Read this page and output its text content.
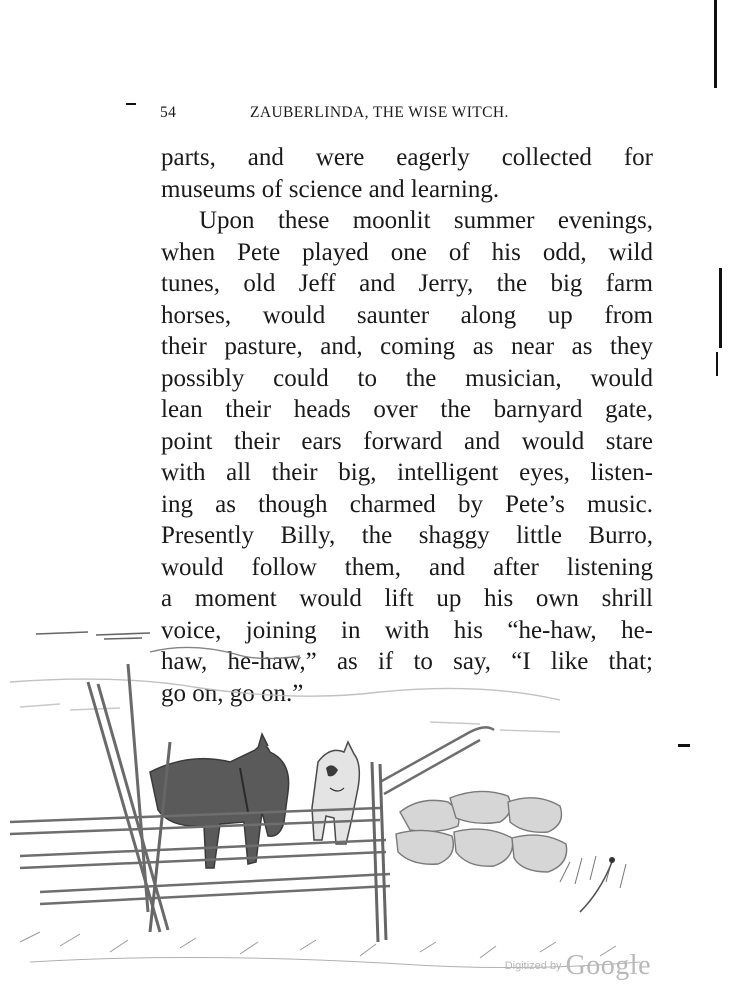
54	ZAUBERLINDA, THE WISE WITCH.
parts, and were eagerly collected for
museums of science and learning.
Upon these moonlit summer evenings,
when Pete played one of his odd, wild
tunes, old Jeff and Jerry, the big farm
horses, would saunter along up from
their pasture, and, coming as near as they
possibly could to the musician, would
lean their heads over the barnyard gate,
point their ears forward and would stare
with all their big, intelligent eyes, listen-
ing as though charmed by Pete’s music.
Presently Billy, the shaggy little Burro,
would follow them, and after listening
a moment would lift up his own shrill
voice, joining in with his “he-haw, he-
haw, he-haw,” as if to say, “I like that;
go on, go on.”
Digitized by Google
